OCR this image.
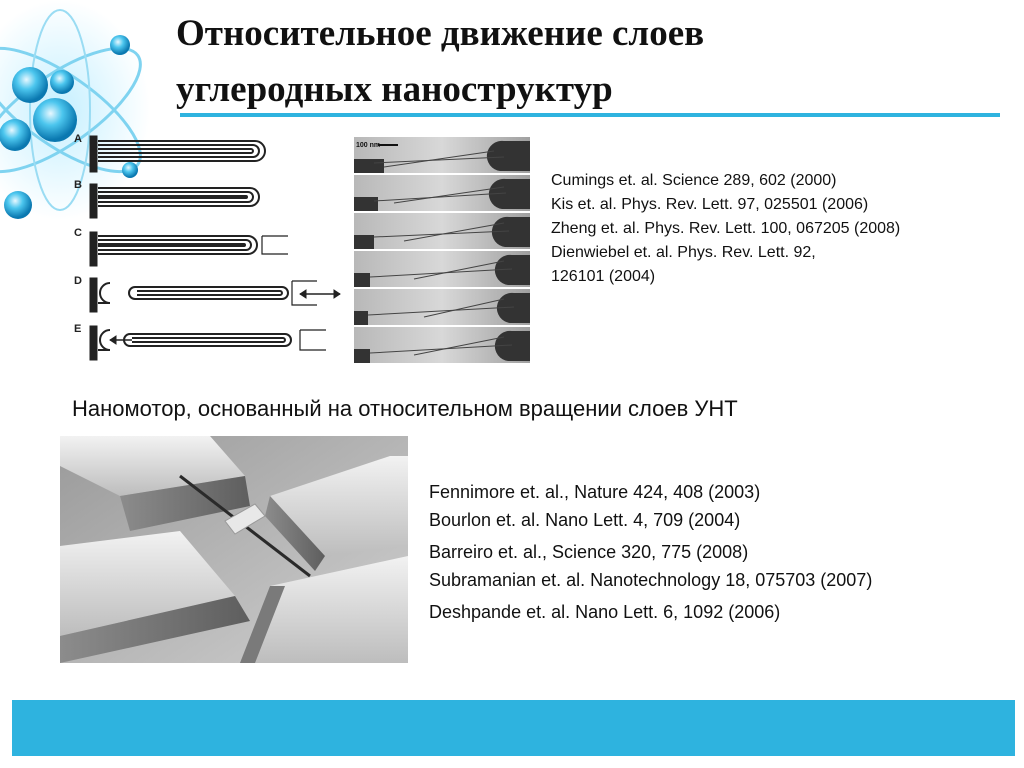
Относительное движение слоев
углеродных наноструктур
A
B
C
D
E
100 nm
Cumings et. al. Science 289, 602 (2000)
Kis et. al. Phys. Rev. Lett. 97, 025501 (2006)
Zheng et. al. Phys. Rev. Lett. 100, 067205 (2008)
Dienwiebel et. al. Phys. Rev. Lett. 92,
126101 (2004)
Наномотор, основанный на относительном вращении слоев УНТ
Fennimore et. al., Nature 424, 408 (2003)
Bourlon et. al. Nano Lett. 4, 709 (2004)
Barreiro et. al., Science 320, 775 (2008)
Subramanian et. al. Nanotechnology 18, 075703 (2007)
Deshpande et. al. Nano Lett. 6, 1092 (2006)
